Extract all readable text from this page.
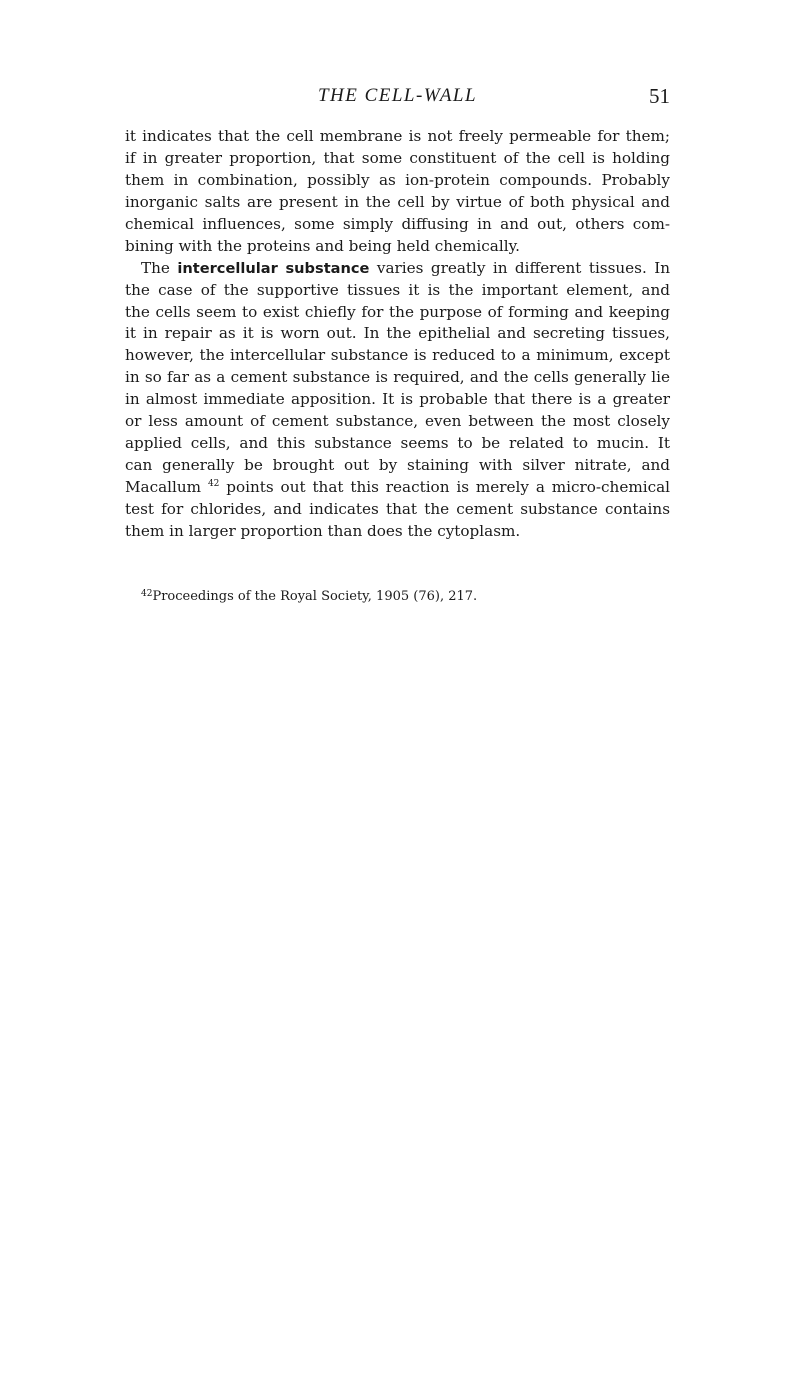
THE CELL-WALL	51
it indicates that the cell membrane is not freely permeable for them;
if in greater proportion, that some constituent of the cell is holding
them in combination, possibly as ion-protein compounds. Probably
inorganic salts are present in the cell by virtue of both physical and
chemical influences, some simply diffusing in and out, others com-
bining with the proteins and being held chemically.
The intercellular substance varies greatly in different tissues. In
the case of the supportive tissues it is the important element, and
the cells seem to exist chiefly for the purpose of forming and keeping
it in repair as it is worn out. In the epithelial and secreting tissues,
however, the intercellular substance is reduced to a minimum, except
in so far as a cement substance is required, and the cells generally lie
in almost immediate apposition. It is probable that there is a greater
or less amount of cement substance, even between the most closely
applied cells, and this substance seems to be related to mucin. It
can generally be brought out by staining with silver nitrate, and
Macallum $^{42}$ points out that this reaction is merely a micro-chemical
test for chlorides, and indicates that the cement substance contains
them in larger proportion than does the cytoplasm.
$^{42}$Proceedings of the Royal Society, 1905 (76), 217.
